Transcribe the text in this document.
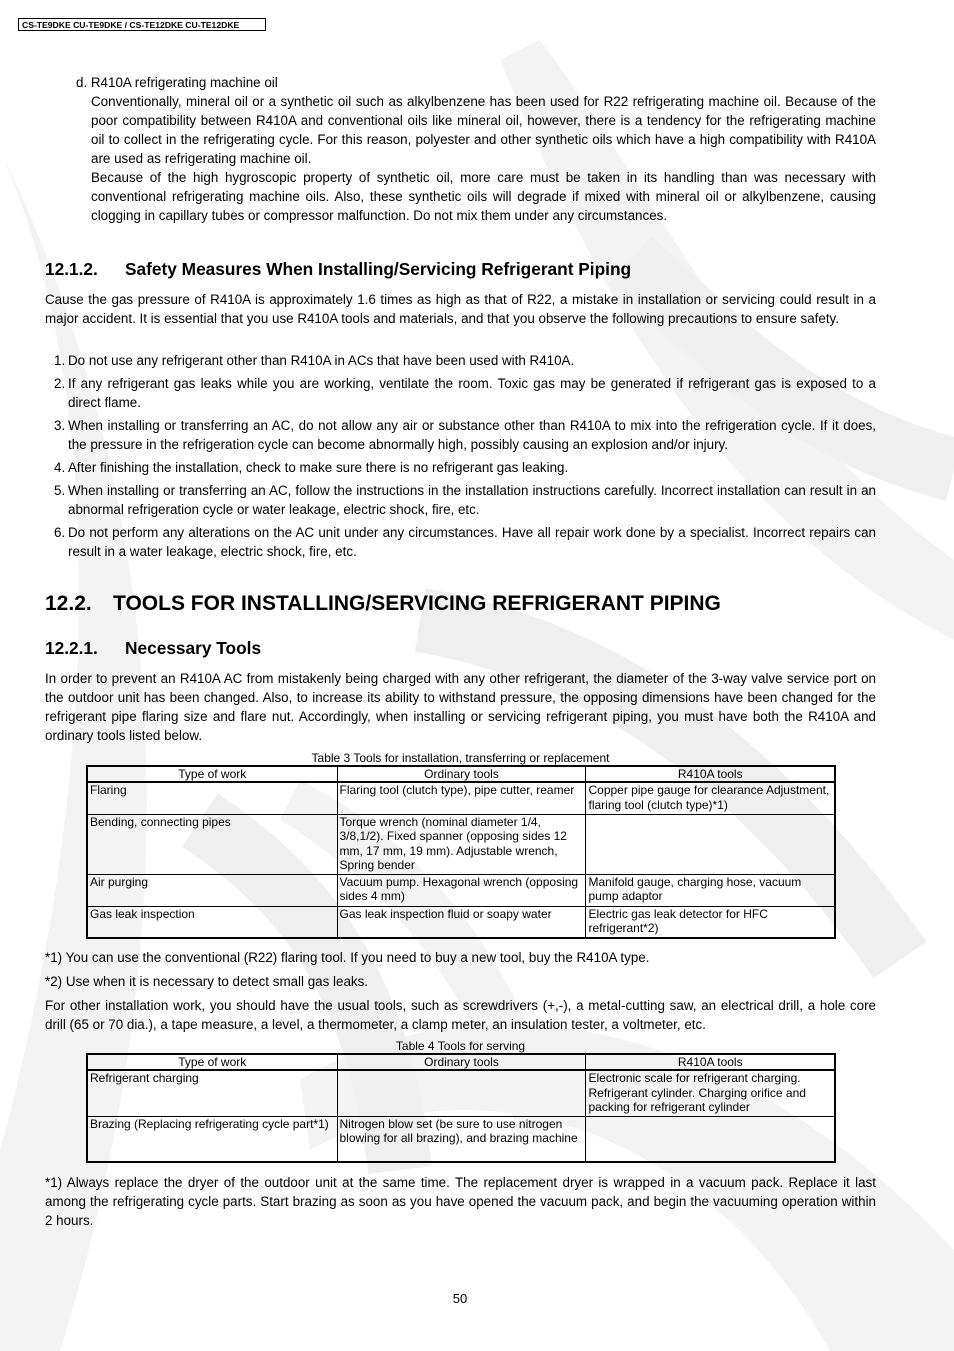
CS-TE9DKE CU-TE9DKE / CS-TE12DKE CU-TE12DKE
d. R410A refrigerating machine oil

Conventionally, mineral oil or a synthetic oil such as alkylbenzene has been used for R22 refrigerating machine oil. Because of the poor compatibility between R410A and conventional oils like mineral oil, however, there is a tendency for the refrigerating machine oil to collect in the refrigerating cycle. For this reason, polyester and other synthetic oils which have a high compatibility with R410A are used as refrigerating machine oil.

Because of the high hygroscopic property of synthetic oil, more care must be taken in its handling than was necessary with conventional refrigerating machine oils. Also, these synthetic oils will degrade if mixed with mineral oil or alkylbenzene, causing clogging in capillary tubes or compressor malfunction. Do not mix them under any circumstances.

12.1.2. Safety Measures When Installing/Servicing Refrigerant Piping
Cause the gas pressure of R410A is approximately 1.6 times as high as that of R22, a mistake in installation or servicing could result in a major accident. It is essential that you use R410A tools and materials, and that you observe the following precautions to ensure safety.
1. Do not use any refrigerant other than R410A in ACs that have been used with R410A.
2. If any refrigerant gas leaks while you are working, ventilate the room. Toxic gas may be generated if refrigerant gas is exposed to a direct flame.
3. When installing or transferring an AC, do not allow any air or substance other than R410A to mix into the refrigeration cycle. If it does, the pressure in the refrigeration cycle can become abnormally high, possibly causing an explosion and/or injury.
4. After finishing the installation, check to make sure there is no refrigerant gas leaking.
5. When installing or transferring an AC, follow the instructions in the installation instructions carefully. Incorrect installation can result in an abnormal refrigeration cycle or water leakage, electric shock, fire, etc.
6. Do not perform any alterations on the AC unit under any circumstances. Have all repair work done by a specialist. Incorrect repairs can result in a water leakage, electric shock, fire, etc.
12.2. TOOLS FOR INSTALLING/SERVICING REFRIGERANT PIPING
12.2.1. Necessary Tools
In order to prevent an R410A AC from mistakenly being charged with any other refrigerant, the diameter of the 3-way valve service port on the outdoor unit has been changed. Also, to increase its ability to withstand pressure, the opposing dimensions have been changed for the refrigerant pipe flaring size and flare nut. Accordingly, when installing or servicing refrigerant piping, you must have both the R410A and ordinary tools listed below.
Table 3 Tools for installation, transferring or replacement
Type of work	Ordinary tools	R410A tools
Flaring	Flaring tool (clutch type), pipe cutter, reamer	Copper pipe gauge for clearance Adjustment, flaring tool (clutch type)*1)
Bending, connecting pipes	Torque wrench (nominal diameter 1/4, 3/8,1/2). Fixed spanner (opposing sides 12 mm, 17 mm, 19 mm). Adjustable wrench, Spring bender	
Air purging	Vacuum pump. Hexagonal wrench (opposing sides 4 mm)	Manifold gauge, charging hose, vacuum pump adaptor
Gas leak inspection	Gas leak inspection fluid or soapy water	Electric gas leak detector for HFC refrigerant*2)
*1) You can use the conventional (R22) flaring tool. If you need to buy a new tool, buy the R410A type.
*2) Use when it is necessary to detect small gas leaks.
For other installation work, you should have the usual tools, such as screwdrivers (+,-), a metal-cutting saw, an electrical drill, a hole core drill (65 or 70 dia.), a tape measure, a level, a thermometer, a clamp meter, an insulation tester, a voltmeter, etc.
Table 4 Tools for serving
Type of work	Ordinary tools	R410A tools
Refrigerant charging		Electronic scale for refrigerant charging. Refrigerant cylinder. Charging orifice and packing for refrigerant cylinder
Brazing (Replacing refrigerating cycle part*1)	Nitrogen blow set (be sure to use nitrogen blowing for all brazing), and brazing machine	
*1) Always replace the dryer of the outdoor unit at the same time. The replacement dryer is wrapped in a vacuum pack. Replace it last among the refrigerating cycle parts. Start brazing as soon as you have opened the vacuum pack, and begin the vacuuming operation within 2 hours.
50
